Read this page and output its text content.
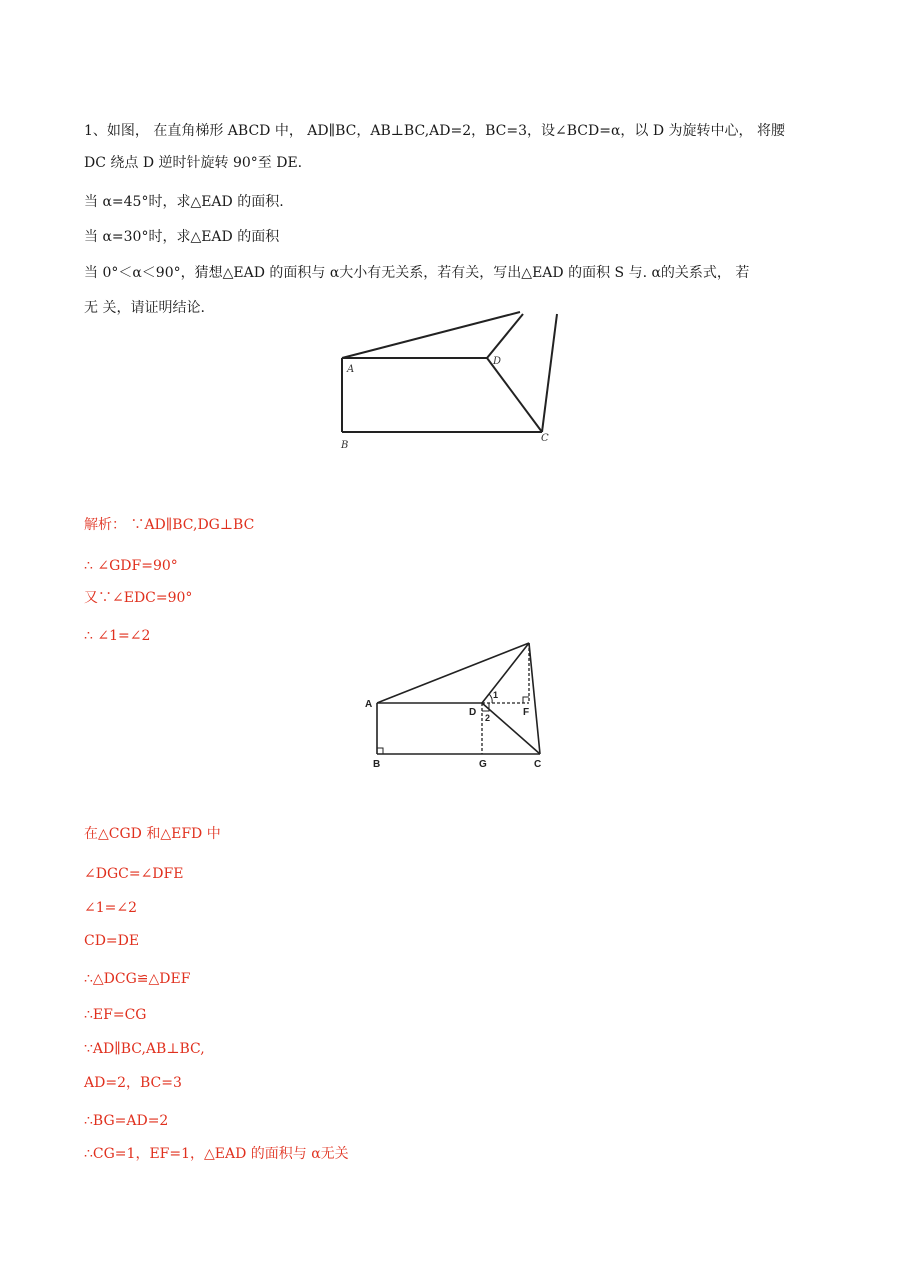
1、如图， 在直角梯形 ABCD 中， AD∥BC，AB⊥BC,AD=2，BC=3，设∠BCD=α，以 D 为旋转中心， 将腰
DC 绕点 D 逆时针旋转 90°至 DE.
当 α=45°时，求△EAD 的面积.
当 α=30°时，求△EAD 的面积
当 0°＜α＜90°，猜想△EAD 的面积与 α大小有无关系，若有关，写出△EAD 的面积 S 与. α的关系式， 若
无 关，请证明结论.
A
B
C
D
解析： ∵AD∥BC,DG⊥BC
∴ ∠GDF=90°
又∵∠EDC=90°
∴ ∠1=∠2
A
B	C
D	F
G
1
2
在△CGD 和△EFD 中
∠DGC=∠DFE
∠1=∠2
CD=DE
∴△DCG≌△DEF
∴EF=CG
∵AD∥BC,AB⊥BC,
AD=2，BC=3
∴BG=AD=2
∴CG=1，EF=1，△EAD 的面积与 α无关
